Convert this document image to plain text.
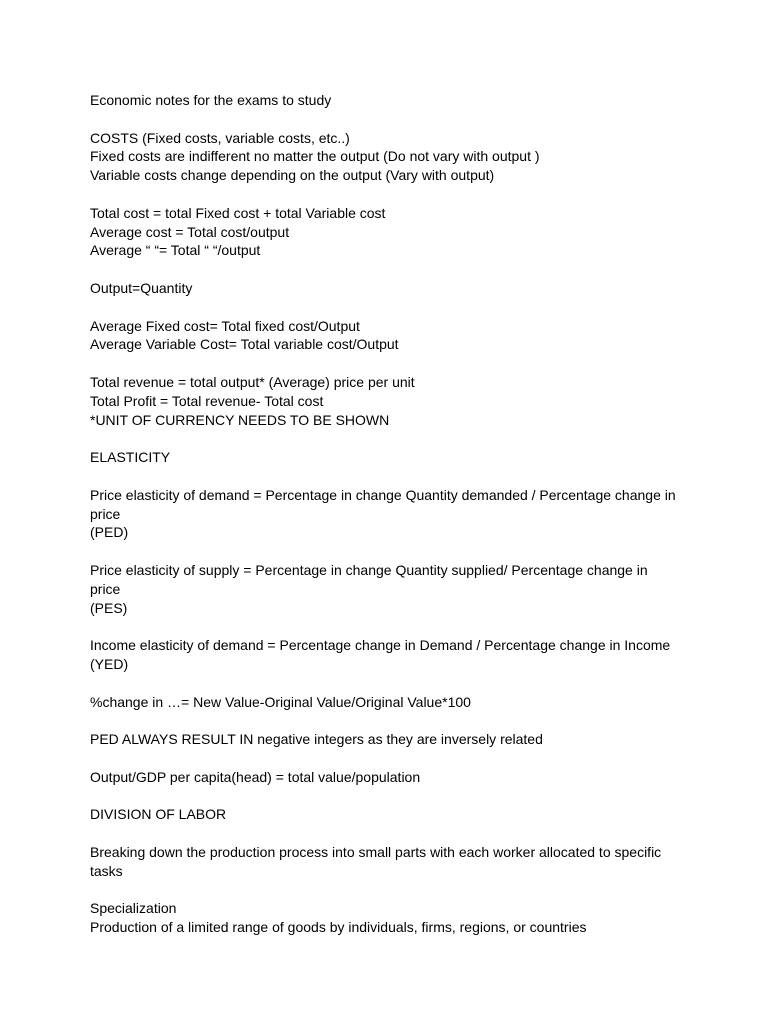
Economic notes for the exams to study
COSTS (Fixed costs, variable costs, etc..)
Fixed costs are indifferent no matter the output (Do not vary with output )
Variable costs change depending on the output (Vary with output)
Total cost = total Fixed cost + total Variable cost
Average cost = Total cost/output
Average “ “= Total “ “/output
Output=Quantity
Average Fixed cost= Total fixed cost/Output
Average Variable Cost= Total variable cost/Output
Total revenue = total output* (Average) price per unit
Total Profit = Total revenue- Total cost
*UNIT OF CURRENCY NEEDS TO BE SHOWN
ELASTICITY
Price elasticity of demand = Percentage in change Quantity demanded / Percentage change in price
(PED)
Price elasticity of supply = Percentage in change Quantity supplied/ Percentage change in price
(PES)
Income elasticity of demand = Percentage change in Demand / Percentage change in Income
(YED)
%change in …= New Value-Original Value/Original Value*100
PED ALWAYS RESULT IN negative integers as they are inversely related
Output/GDP per capita(head) = total value/population
DIVISION OF LABOR
Breaking down the production process into small parts with each worker allocated to specific tasks
Specialization
Production of a limited range of goods by individuals, firms, regions, or countries
